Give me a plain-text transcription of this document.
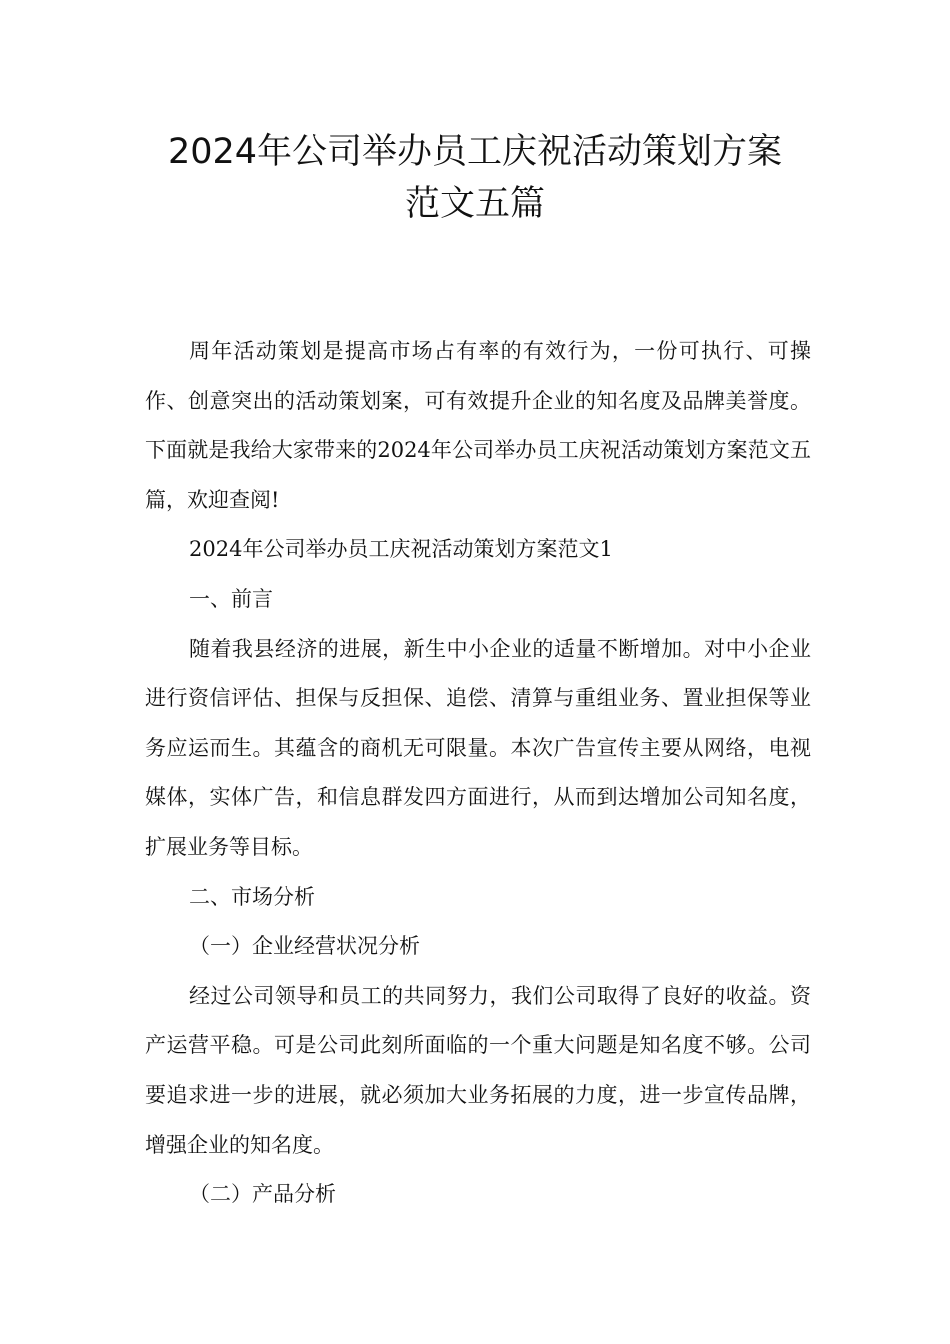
2024年公司举办员工庆祝活动策划方案
范文五篇

周年活动策划是提高市场占有率的有效行为，一份可执行、可操作、创意突出的活动策划案，可有效提升企业的知名度及品牌美誉度。下面就是我给大家带来的2024年公司举办员工庆祝活动策划方案范文五篇，欢迎查阅!

2024年公司举办员工庆祝活动策划方案范文1

一、前言

随着我县经济的进展，新生中小企业的适量不断增加。对中小企业进行资信评估、担保与反担保、追偿、清算与重组业务、置业担保等业务应运而生。其蕴含的商机无可限量。本次广告宣传主要从网络，电视媒体，实体广告，和信息群发四方面进行，从而到达增加公司知名度，扩展业务等目标。

二、市场分析

（一）企业经营状况分析

经过公司领导和员工的共同努力，我们公司取得了良好的收益。资产运营平稳。可是公司此刻所面临的一个重大问题是知名度不够。公司要追求进一步的进展，就必须加大业务拓展的力度，进一步宣传品牌，增强企业的知名度。

（二）产品分析
